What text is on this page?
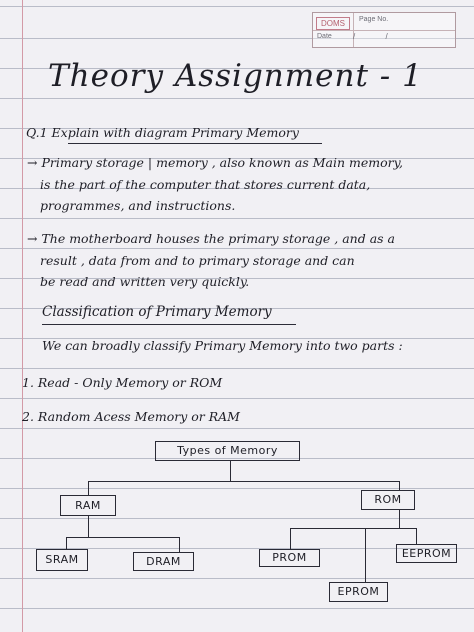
DOMS	Page No.
Date	/ /
Theory Assignment - 1
Q.1 Explain with diagram Primary Memory
→ Primary storage | memory , also known as Main memory,
is the part of the computer that stores current data,
programmes, and instructions.
→ The motherboard houses the primary storage , and as a
result , data from and to primary storage and can
be read and written very quickly.
Classification of Primary Memory
We can broadly classify Primary Memory into two parts :
1. Read - Only Memory or ROM
2. Random Acess Memory or RAM
Types of Memory
RAM	ROM
SRAM	DRAM	PROM	EEPROM
EPROM
